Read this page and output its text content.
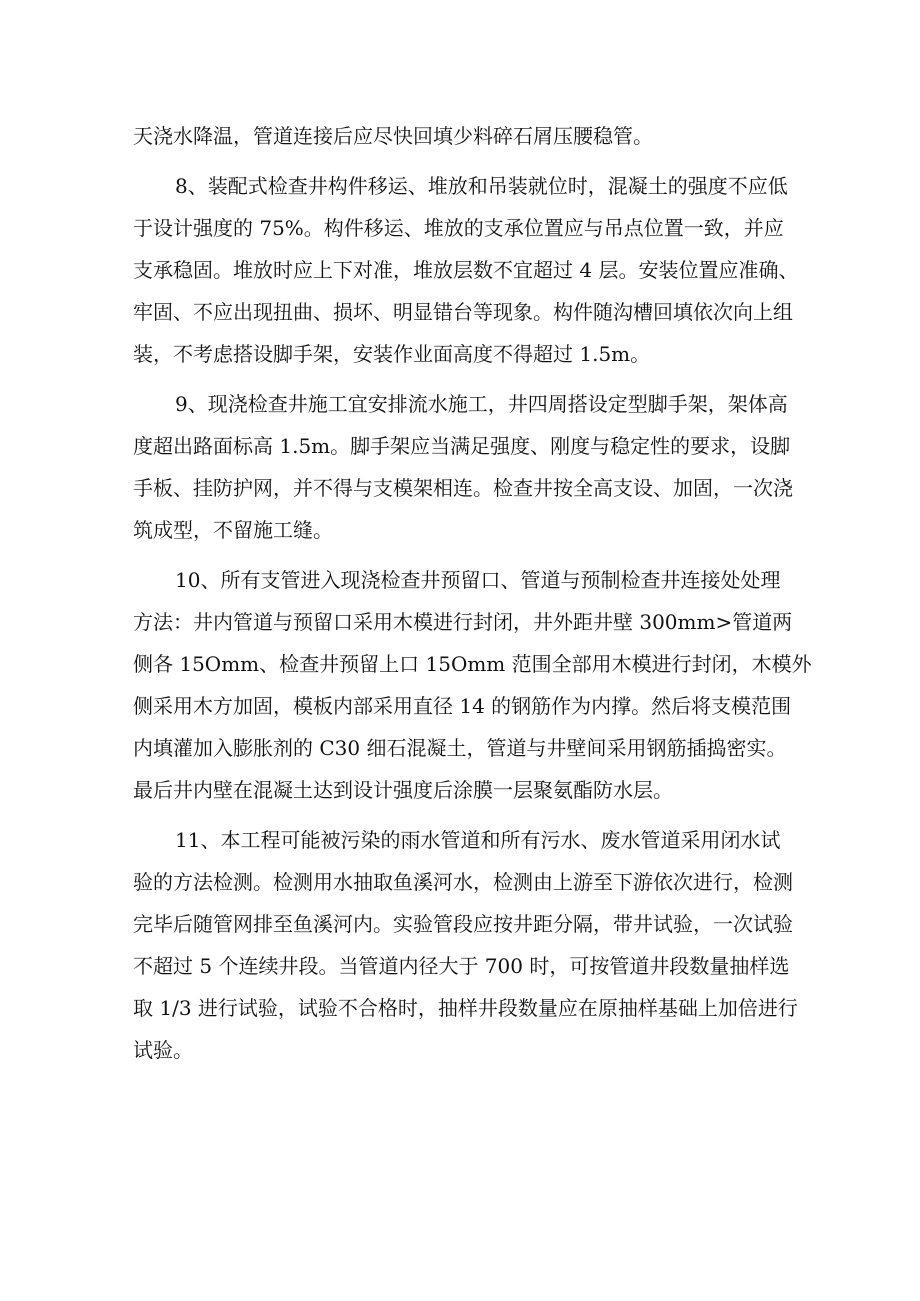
天浇水降温，管道连接后应尽快回填少料碎石屑压腰稳管。
8、装配式检查井构件移运、堆放和吊装就位时，混凝土的强度不应低
于设计强度的 75%。构件移运、堆放的支承位置应与吊点位置一致，并应
支承稳固。堆放时应上下对准，堆放层数不宜超过 4 层。安装位置应准确、
牢固、不应出现扭曲、损坏、明显错台等现象。构件随沟槽回填依次向上组
装，不考虑搭设脚手架，安装作业面高度不得超过 1.5m。
9、现浇检查井施工宜安排流水施工，井四周搭设定型脚手架，架体高
度超出路面标高 1.5m。脚手架应当满足强度、刚度与稳定性的要求，设脚
手板、挂防护网，并不得与支模架相连。检查井按全高支设、加固，一次浇
筑成型，不留施工缝。
10、所有支管进入现浇检查井预留口、管道与预制检查井连接处处理
方法：井内管道与预留口采用木模进行封闭，井外距井壁 300mm>管道两
侧各 15Omm、检查井预留上口 15Omm 范围全部用木模进行封闭，木模外
侧采用木方加固，模板内部采用直径 14 的钢筋作为内撑。然后将支模范围
内填灌加入膨胀剂的 C30 细石混凝土，管道与井壁间采用钢筋插捣密实。
最后井内壁在混凝土达到设计强度后涂膜一层聚氨酯防水层。
11、本工程可能被污染的雨水管道和所有污水、废水管道采用闭水试
验的方法检测。检测用水抽取鱼溪河水，检测由上游至下游依次进行，检测
完毕后随管网排至鱼溪河内。实验管段应按井距分隔，带井试验，一次试验
不超过 5 个连续井段。当管道内径大于 700 时，可按管道井段数量抽样选
取 1/3 进行试验，试验不合格时，抽样井段数量应在原抽样基础上加倍进行
试验。
